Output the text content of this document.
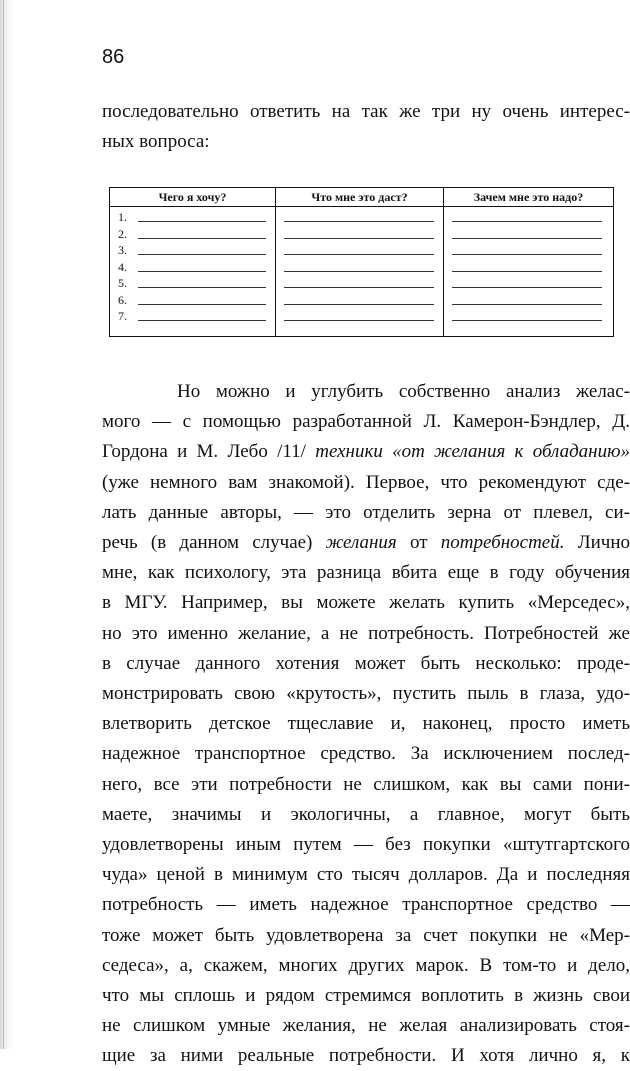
86
последовательно ответить на так же три ну очень интерес-
ных вопроса:
Чего я хочу?	Что мне это даст?	Зачем мне это надо?
1.
2.
3.
4.
5.
6.
7.
Но можно и углубить собственно анализ желас-
мого — с помощью разработанной Л. Камерон-Бэндлер, Д.
Гордона и М. Лебо /11/ техники «от желания к обладанию»
(уже немного вам знакомой). Первое, что рекомендуют сде-
лать данные авторы, — это отделить зерна от плевел, си-
речь (в данном случае) желания от потребностей. Лично
мне, как психологу, эта разница вбита еще в году обучения
в МГУ. Например, вы можете желать купить «Мерседес»,
но это именно желание, а не потребность. Потребностей же
в случае данного хотения может быть несколько: проде-
монстрировать свою «крутость», пустить пыль в глаза, удо-
влетворить детское тщеславие и, наконец, просто иметь
надежное транспортное средство. За исключением послед-
него, все эти потребности не слишком, как вы сами пони-
маете, значимы и экологичны, а главное, могут быть
удовлетворены иным путем — без покупки «штутгартского
чуда» ценой в минимум сто тысяч долларов. Да и последняя
потребность — иметь надежное транспортное средство —
тоже может быть удовлетворена за счет покупки не «Мер-
седеса», а, скажем, многих других марок. В том-то и дело,
что мы сплошь и рядом стремимся воплотить в жизнь свои
не слишком умные желания, не желая анализировать стоя-
щие за ними реальные потребности. И хотя лично я, к
